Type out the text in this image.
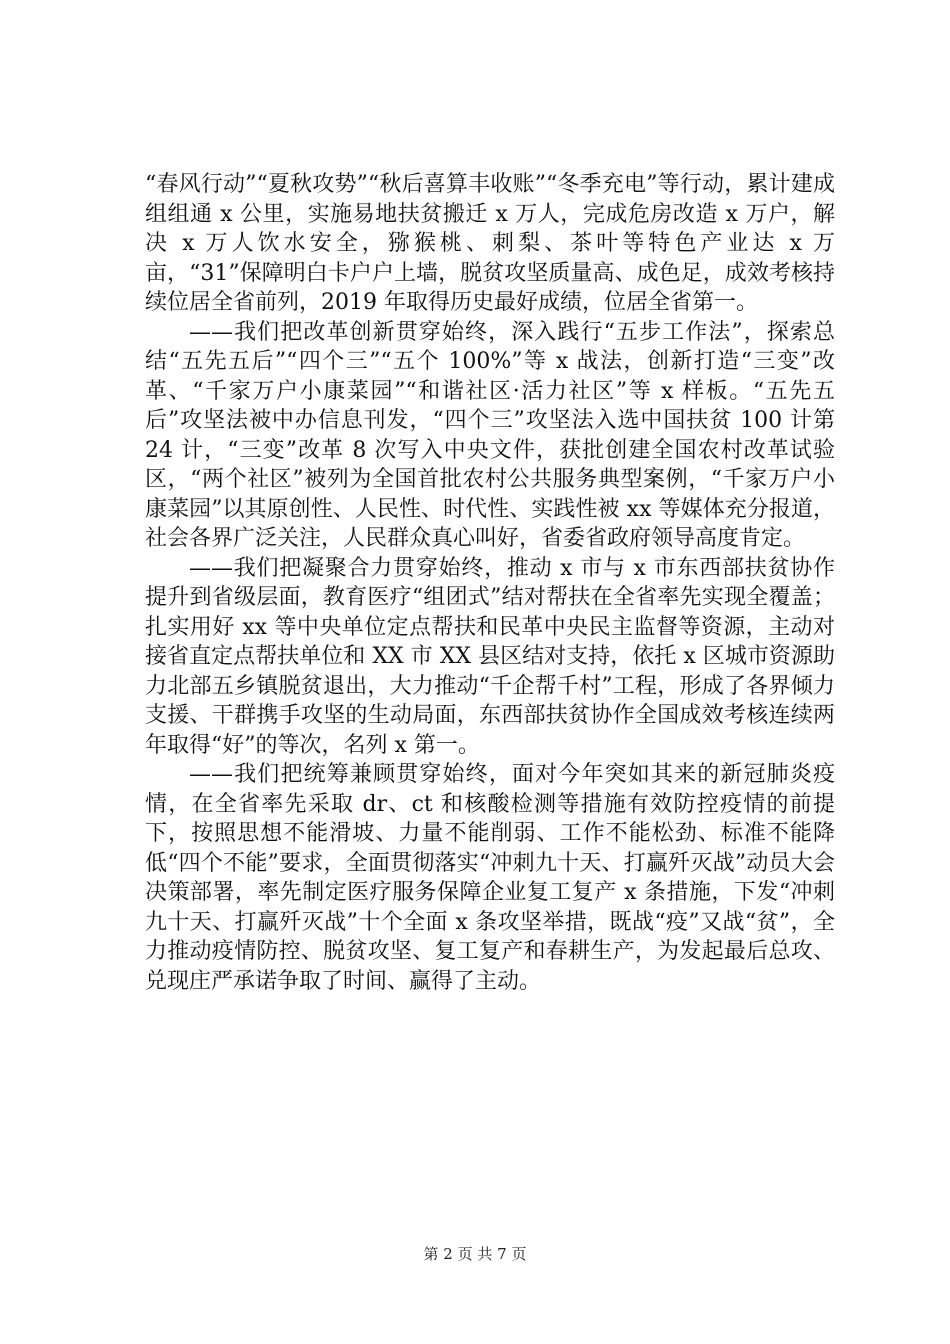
“春风行动”“夏秋攻势”“秋后喜算丰收账”“冬季充电”等行动，累计建成组组通 x 公里，实施易地扶贫搬迁 x 万人，完成危房改造 x 万户，解决 x 万人饮水安全，猕猴桃、刺梨、茶叶等特色产业达 x 万亩，“31”保障明白卡户户上墙，脱贫攻坚质量高、成色足，成效考核持续位居全省前列，2019 年取得历史最好成绩，位居全省第一。

——我们把改革创新贯穿始终，深入践行“五步工作法”，探索总结“五先五后”“四个三”“五个 100%”等 x 战法，创新打造“三变”改革、“千家万户小康菜园”“和谐社区·活力社区”等 x 样板。“五先五后”攻坚法被中办信息刊发，“四个三”攻坚法入选中国扶贫 100 计第 24 计，“三变”改革 8 次写入中央文件，获批创建全国农村改革试验区，“两个社区”被列为全国首批农村公共服务典型案例，“千家万户小康菜园”以其原创性、人民性、时代性、实践性被 xx 等媒体充分报道，社会各界广泛关注，人民群众真心叫好，省委省政府领导高度肯定。

——我们把凝聚合力贯穿始终，推动 x 市与 x 市东西部扶贫协作提升到省级层面，教育医疗“组团式”结对帮扶在全省率先实现全覆盖；扎实用好 xx 等中央单位定点帮扶和民革中央民主监督等资源，主动对接省直定点帮扶单位和 XX 市 XX 县区结对支持，依托 x 区城市资源助力北部五乡镇脱贫退出，大力推动“千企帮千村”工程，形成了各界倾力支援、干群携手攻坚的生动局面，东西部扶贫协作全国成效考核连续两年取得“好”的等次，名列 x 第一。

——我们把统筹兼顾贯穿始终，面对今年突如其来的新冠肺炎疫情，在全省率先采取 dr、ct 和核酸检测等措施有效防控疫情的前提下，按照思想不能滑坡、力量不能削弱、工作不能松劲、标准不能降低“四个不能”要求，全面贯彻落实“冲刺九十天、打赢歼灭战”动员大会决策部署，率先制定医疗服务保障企业复工复产 x 条措施，下发“冲刺九十天、打赢歼灭战”十个全面 x 条攻坚举措，既战“疫”又战“贫”，全力推动疫情防控、脱贫攻坚、复工复产和春耕生产，为发起最后总攻、兑现庄严承诺争取了时间、赢得了主动。

第 2 页 共 7 页
